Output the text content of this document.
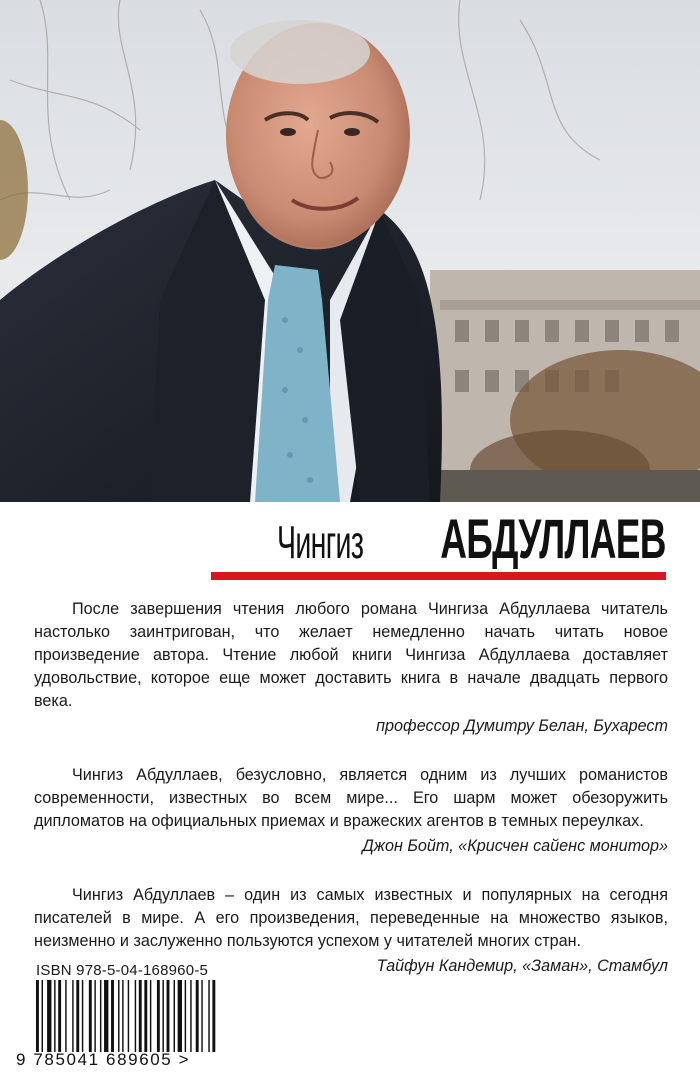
Чингиз АБДУЛЛАЕВ

После завершения чтения любого романа Чингиза Абдуллаева читатель настолько заинтригован, что желает немедленно начать читать новое произведение автора. Чтение любой книги Чингиза Абдуллаева доставляет удовольствие, которое еще может доставить книга в начале двадцать первого века.

профессор Думитру Белан, Бухарест

Чингиз Абдуллаев, безусловно, является одним из лучших романистов современности, известных во всем мире... Его шарм может обезоружить дипломатов на официальных приемах и вражеских агентов в темных переулках.

Джон Бойт, «Крисчен сайенс монитор»

Чингиз Абдуллаев – один из самых известных и популярных на сегодня писателей в мире. А его произведения, переведенные на множество языков, неизменно и заслуженно пользуются успехом у читателей многих стран.

Тайфун Кандемир, «Заман», Стамбул
ISBN 978-5-04-168960-5
9 785041 689605 >
